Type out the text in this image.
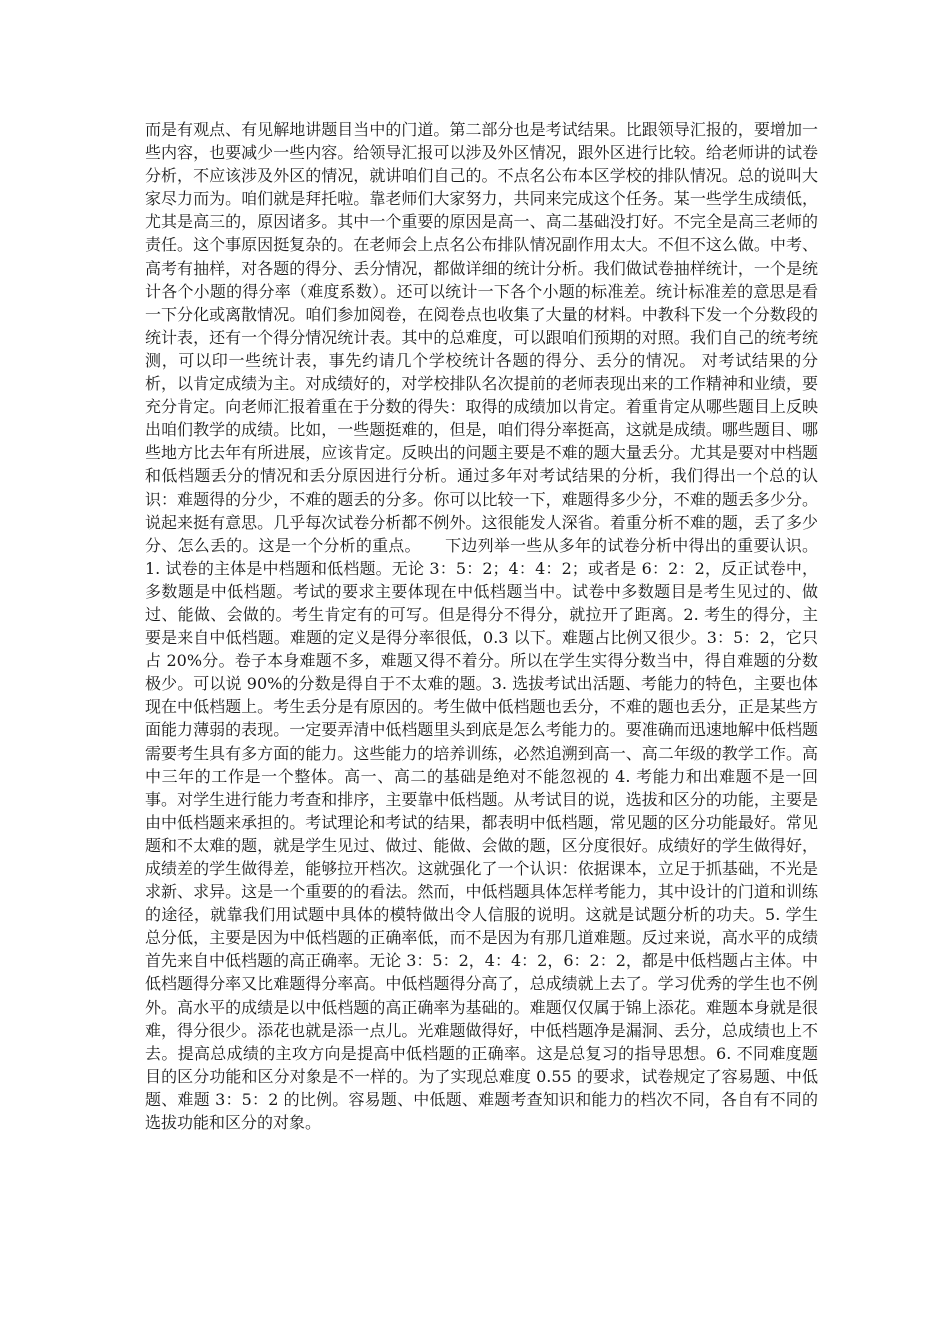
而是有观点、有见解地讲题目当中的门道。第二部分也是考试结果。比跟领导汇报的，要增加一些内容，也要减少一些内容。给领导汇报可以涉及外区情况，跟外区进行比较。给老师讲的试卷分析，不应该涉及外区的情况，就讲咱们自己的。不点名公布本区学校的排队情况。总的说叫大家尽力而为。咱们就是拜托啦。靠老师们大家努力，共同来完成这个任务。某一些学生成绩低，尤其是高三的，原因诸多。其中一个重要的原因是高一、高二基础没打好。不完全是高三老师的责任。这个事原因挺复杂的。在老师会上点名公布排队情况副作用太大。不但不这么做。中考、高考有抽样，对各题的得分、丢分情况，都做详细的统计分析。我们做试卷抽样统计，一个是统计各个小题的得分率（难度系数）。还可以统计一下各个小题的标准差。统计标准差的意思是看一下分化或离散情况。咱们参加阅卷，在阅卷点也收集了大量的材料。中教科下发一个分数段的统计表，还有一个得分情况统计表。其中的总难度，可以跟咱们预期的对照。我们自己的统考统测，可以印一些统计表，事先约请几个学校统计各题的得分、丢分的情况。 对考试结果的分析，以肯定成绩为主。对成绩好的，对学校排队名次提前的老师表现出来的工作精神和业绩，要充分肯定。向老师汇报着重在于分数的得失：取得的成绩加以肯定。着重肯定从哪些题目上反映出咱们教学的成绩。比如，一些题挺难的，但是，咱们得分率挺高，这就是成绩。哪些题目、哪些地方比去年有所进展，应该肯定。反映出的问题主要是不难的题大量丢分。尤其是要对中档题和低档题丢分的情况和丢分原因进行分析。通过多年对考试结果的分析，我们得出一个总的认识：难题得的分少，不难的题丢的分多。你可以比较一下，难题得多少分，不难的题丢多少分。说起来挺有意思。几乎每次试卷分析都不例外。这很能发人深省。着重分析不难的题，丢了多少分、怎么丢的。这是一个分析的重点。　　下边列举一些从多年的试卷分析中得出的重要认识。1. 试卷的主体是中档题和低档题。无论 3：5：2；4：4：2；或者是 6：2：2，反正试卷中，多数题是中低档题。考试的要求主要体现在中低档题当中。试卷中多数题目是考生见过的、做过、能做、会做的。考生肯定有的可写。但是得分不得分，就拉开了距离。2. 考生的得分，主要是来自中低档题。难题的定义是得分率很低，0.3 以下。难题占比例又很少。3：5：2，它只占 20%分。卷子本身难题不多，难题又得不着分。所以在学生实得分数当中，得自难题的分数极少。可以说 90%的分数是得自于不太难的题。3. 选拔考试出活题、考能力的特色，主要也体现在中低档题上。考生丢分是有原因的。考生做中低档题也丢分，不难的题也丢分，正是某些方面能力薄弱的表现。一定要弄清中低档题里头到底是怎么考能力的。要准确而迅速地解中低档题需要考生具有多方面的能力。这些能力的培养训练，必然追溯到高一、高二年级的教学工作。高中三年的工作是一个整体。高一、高二的基础是绝对不能忽视的 4. 考能力和出难题不是一回事。对学生进行能力考查和排序，主要靠中低档题。从考试目的说，选拔和区分的功能，主要是由中低档题来承担的。考试理论和考试的结果，都表明中低档题，常见题的区分功能最好。常见题和不太难的题，就是学生见过、做过、能做、会做的题，区分度很好。成绩好的学生做得好，成绩差的学生做得差，能够拉开档次。这就强化了一个认识：依据课本，立足于抓基础，不光是求新、求异。这是一个重要的的看法。然而，中低档题具体怎样考能力，其中设计的门道和训练的途径，就靠我们用试题中具体的模特做出令人信服的说明。这就是试题分析的功夫。5. 学生总分低，主要是因为中低档题的正确率低，而不是因为有那几道难题。反过来说，高水平的成绩首先来自中低档题的高正确率。无论 3：5：2，4：4：2，6：2：2，都是中低档题占主体。中低档题得分率又比难题得分率高。中低档题得分高了，总成绩就上去了。学习优秀的学生也不例外。高水平的成绩是以中低档题的高正确率为基础的。难题仅仅属于锦上添花。难题本身就是很难，得分很少。添花也就是添一点儿。光难题做得好，中低档题净是漏洞、丢分，总成绩也上不去。提高总成绩的主攻方向是提高中低档题的正确率。这是总复习的指导思想。6. 不同难度题目的区分功能和区分对象是不一样的。为了实现总难度 0.55 的要求，试卷规定了容易题、中低题、难题 3：5：2 的比例。容易题、中低题、难题考查知识和能力的档次不同，各自有不同的选拔功能和区分的对象。
